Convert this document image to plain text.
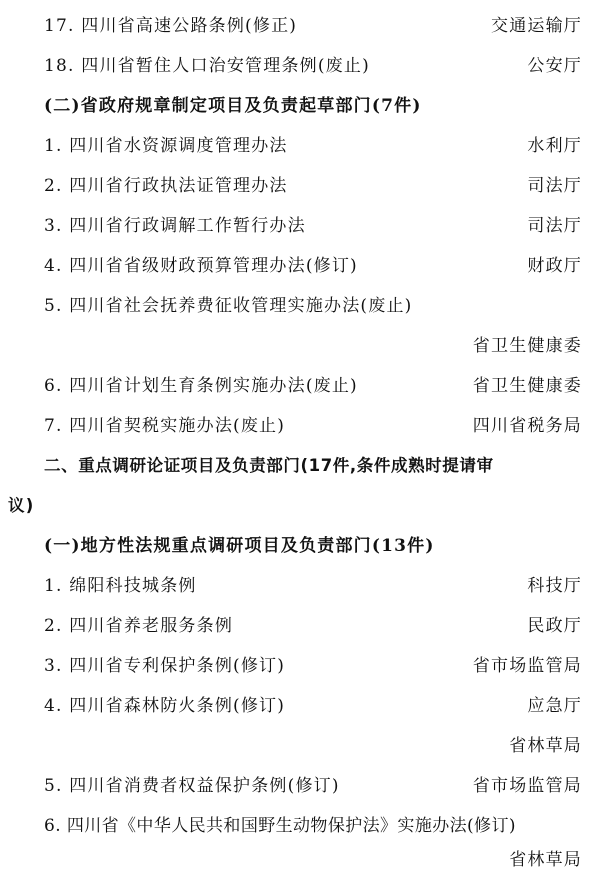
17. 四川省高速公路条例(修正)	交通运输厅
18. 四川省暂住人口治安管理条例(废止)	公安厅
(二)省政府规章制定项目及负责起草部门(7件)
1. 四川省水资源调度管理办法	水利厅
2. 四川省行政执法证管理办法	司法厅
3. 四川省行政调解工作暂行办法	司法厅
4. 四川省省级财政预算管理办法(修订)	财政厅
5. 四川省社会抚养费征收管理实施办法(废止)
省卫生健康委
6. 四川省计划生育条例实施办法(废止)	省卫生健康委
7. 四川省契税实施办法(废止)	四川省税务局
二、重点调研论证项目及负责部门(17件,条件成熟时提请审
议)
(一)地方性法规重点调研项目及负责部门(13件)
1. 绵阳科技城条例	科技厅
2. 四川省养老服务条例	民政厅
3. 四川省专利保护条例(修订)	省市场监管局
4. 四川省森林防火条例(修订)	应急厅
省林草局
5. 四川省消费者权益保护条例(修订)	省市场监管局
6. 四川省《中华人民共和国野生动物保护法》实施办法(修订)
省林草局
